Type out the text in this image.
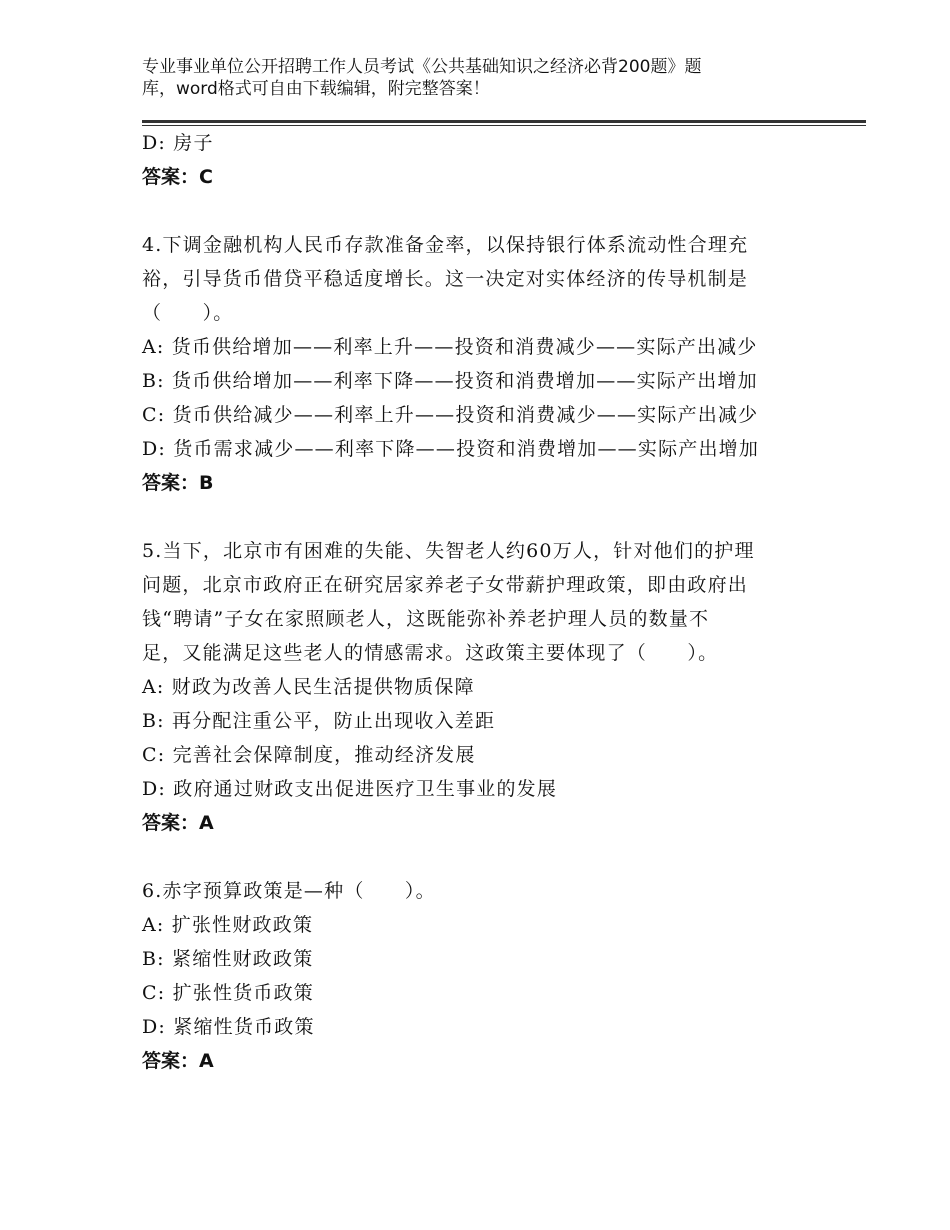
专业事业单位公开招聘工作人员考试《公共基础知识之经济必背200题》题
库，word格式可自由下载编辑，附完整答案！
D: 房子
答案：C
4.下调金融机构人民币存款准备金率，以保持银行体系流动性合理充
裕，引导货币借贷平稳适度增长。这一决定对实体经济的传导机制是
（　　）。
A: 货币供给增加——利率上升——投资和消费减少——实际产出减少
B: 货币供给增加——利率下降——投资和消费增加——实际产出增加
C: 货币供给减少——利率上升——投资和消费减少——实际产出减少
D: 货币需求减少——利率下降——投资和消费增加——实际产出增加
答案：B
5.当下，北京市有困难的失能、失智老人约60万人，针对他们的护理
问题，北京市政府正在研究居家养老子女带薪护理政策，即由政府出
钱“聘请”子女在家照顾老人，这既能弥补养老护理人员的数量不
足，又能满足这些老人的情感需求。这政策主要体现了（　　）。
A: 财政为改善人民生活提供物质保障
B: 再分配注重公平，防止出现收入差距
C: 完善社会保障制度，推动经济发展
D: 政府通过财政支出促进医疗卫生事业的发展
答案：A
6.赤字预算政策是—种（　　）。
A: 扩张性财政政策
B: 紧缩性财政政策
C: 扩张性货币政策
D: 紧缩性货币政策
答案：A
